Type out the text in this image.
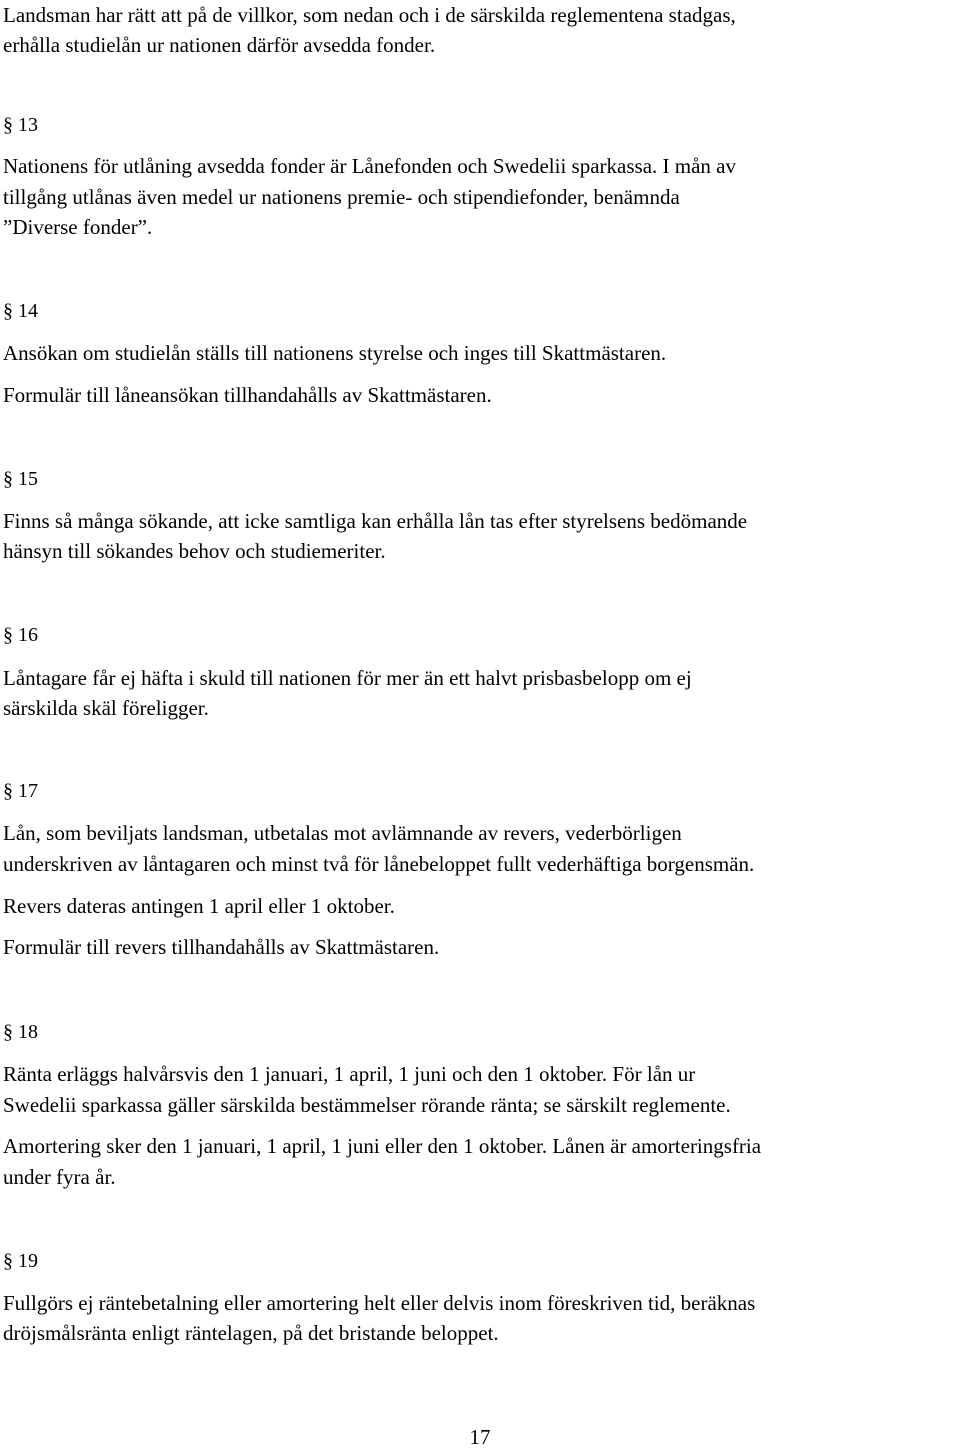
Landsman har rätt att på de villkor, som nedan och i de särskilda reglementena stadgas,
erhålla studielån ur nationen därför avsedda fonder.
§ 13
Nationens för utlåning avsedda fonder är Lånefonden och Swedelii sparkassa. I mån av
tillgång utlånas även medel ur nationens premie- och stipendiefonder, benämnda
”Diverse fonder”.
§ 14
Ansökan om studielån ställs till nationens styrelse och inges till Skattmästaren.
Formulär till låneansökan tillhandahålls av Skattmästaren.
§ 15
Finns så många sökande, att icke samtliga kan erhålla lån tas efter styrelsens bedömande
hänsyn till sökandes behov och studiemeriter.
§ 16
Låntagare får ej häfta i skuld till nationen för mer än ett halvt prisbasbelopp om ej
särskilda skäl föreligger.
§ 17
Lån, som beviljats landsman, utbetalas mot avlämnande av revers, vederbörligen
underskriven av låntagaren och minst två för lånebeloppet fullt vederhäftiga borgensmän.
Revers dateras antingen 1 april eller 1 oktober.
Formulär till revers tillhandahålls av Skattmästaren.
§ 18
Ränta erläggs halvårsvis den 1 januari, 1 april, 1 juni och den 1 oktober. För lån ur
Swedelii sparkassa gäller särskilda bestämmelser rörande ränta; se särskilt reglemente.
Amortering sker den 1 januari, 1 april, 1 juni eller den 1 oktober. Lånen är amorteringsfria
under fyra år.
§ 19
Fullgörs ej räntebetalning eller amortering helt eller delvis inom föreskriven tid, beräknas
dröjsmålsränta enligt räntelagen, på det bristande beloppet.
17
